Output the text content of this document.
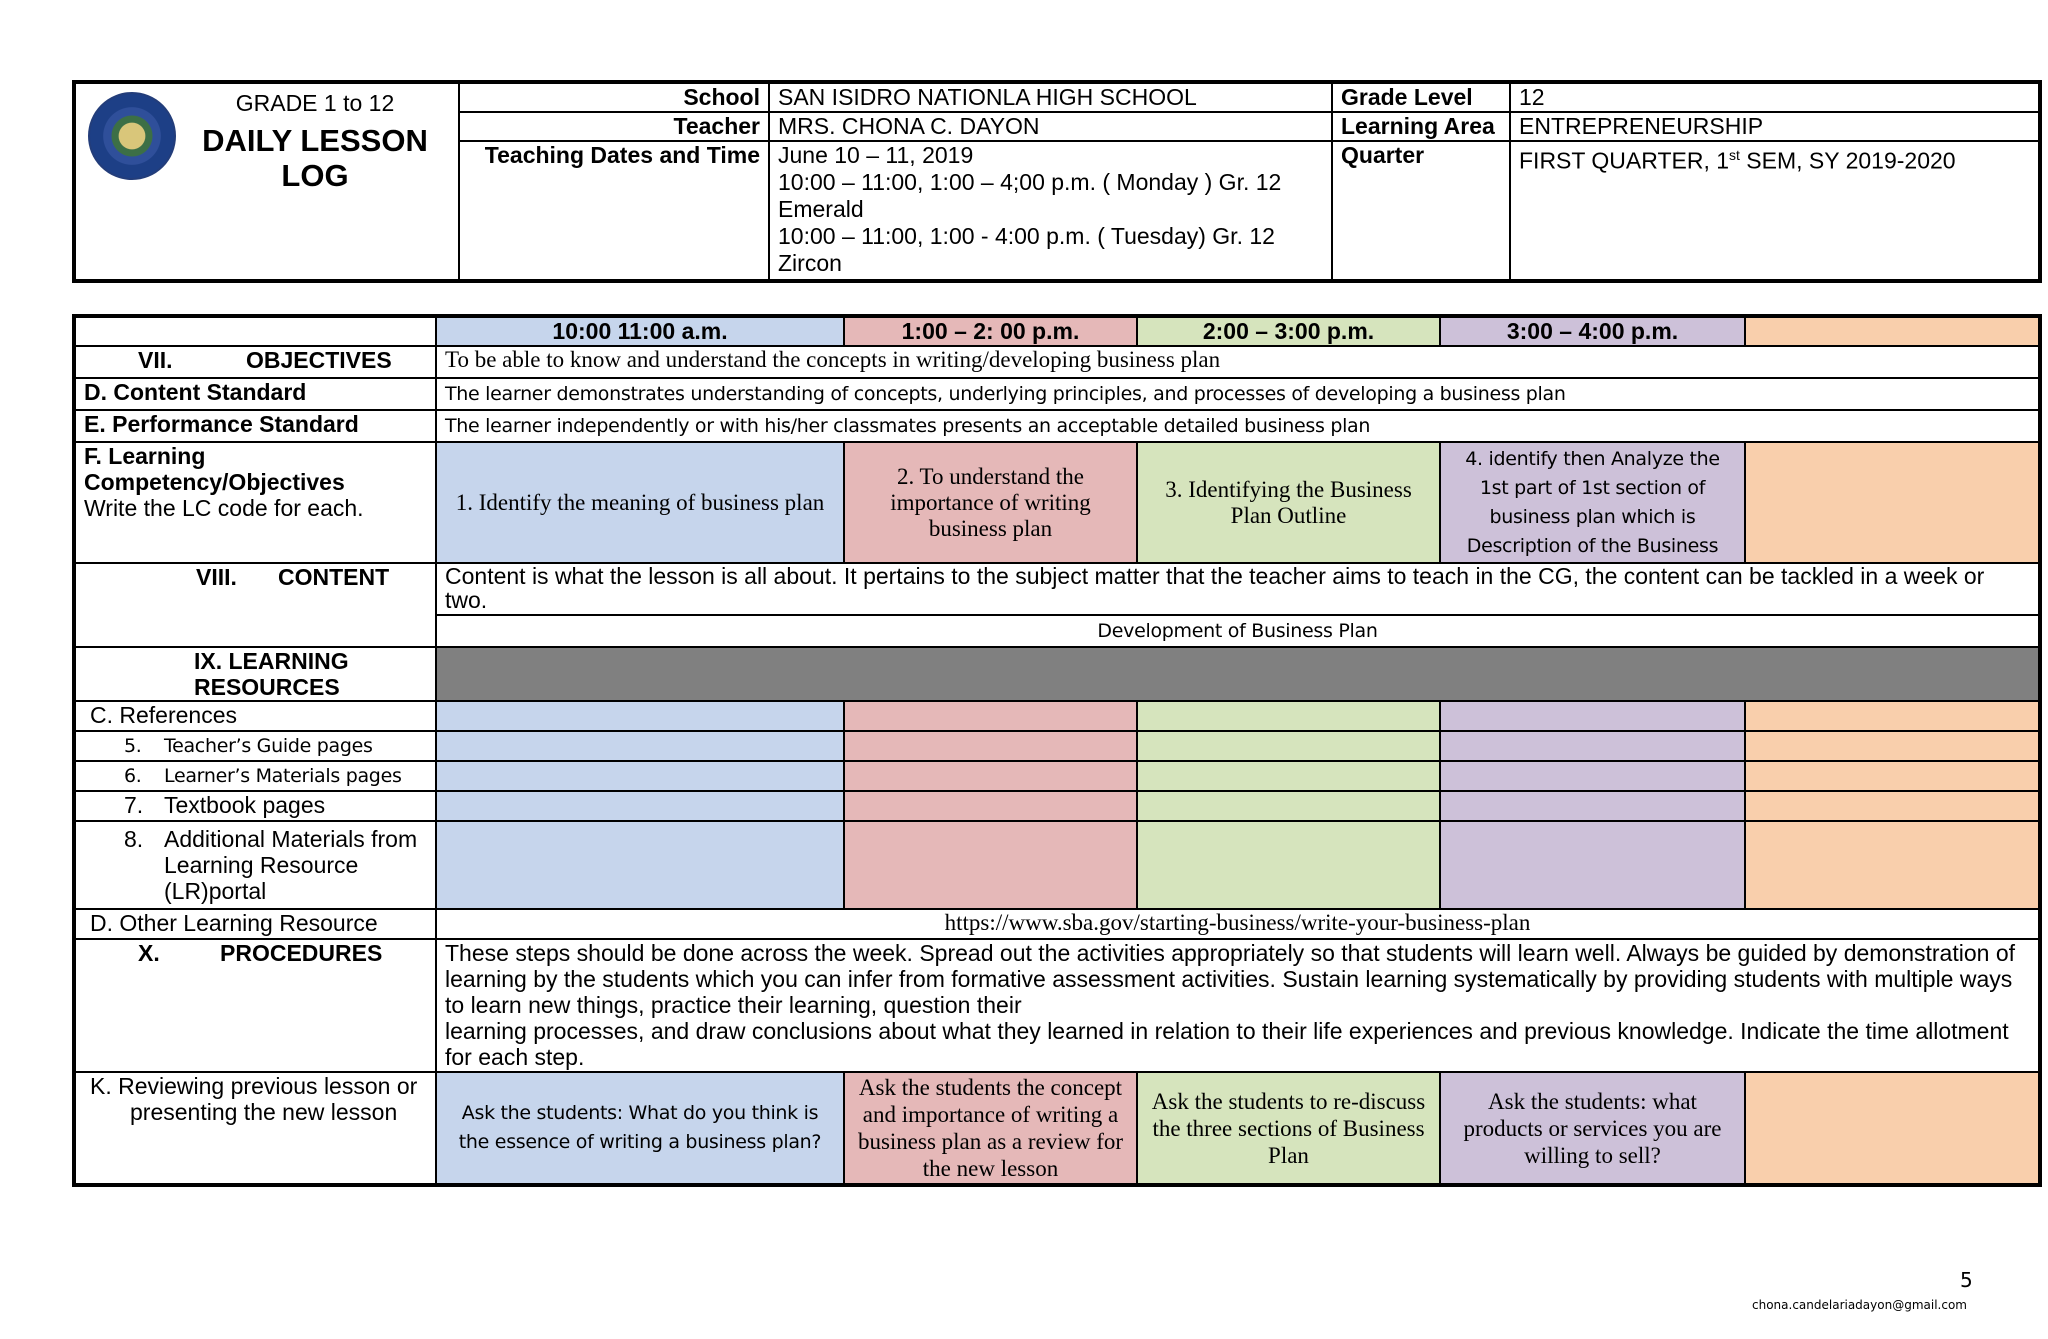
GRADE 1 to 12
DAILY LESSON LOG	School	SAN ISIDRO NATIONLA HIGH SCHOOL	Grade Level	12
	Teacher	MRS. CHONA C. DAYON	Learning Area	ENTREPRENEURSHIP
	Teaching Dates and Time	June 10 – 11, 2019
10:00 – 11:00, 1:00 – 4;00 p.m. ( Monday ) Gr. 12 Emerald
10:00 – 11:00, 1:00 - 4:00 p.m. ( Tuesday) Gr. 12 Zircon	Quarter	FIRST QUARTER, 1st SEM, SY 2019-2020
	10:00 11:00 a.m.	1:00 – 2: 00 p.m.	2:00 – 3:00 p.m.	3:00 – 4:00 p.m.	
VII. OBJECTIVES	To be able to know and understand the concepts in writing/developing business plan				
D. Content Standard	The learner demonstrates understanding of concepts, underlying principles, and processes of developing a business plan				
E. Performance Standard	The learner independently or with his/her classmates presents an acceptable detailed business plan				

F. Learning Competency/Objectives
Write the LC code for each.	1. Identify the meaning of business plan	2. To understand the importance of writing business plan	3. Identifying the Business Plan Outline	4. identify then Analyze the 1st part of 1st section of business plan which is Description of the Business	
VIII. CONTENT	Content is what the lesson is all about. It pertains to the subject matter that the teacher aims to teach in the CG, the content can be tackled in a week or two.				
	Development of Business Plan				
IX. LEARNING RESOURCES					
C. References					
5. Teacher’s Guide pages					
6. Learner’s Materials pages					
7. Textbook pages					

8. Additional Materials from Learning Resource (LR)portal					

D. Other Learning Resource	https://www.sba.gov/starting-business/write-your-business-plan				
X. PROCEDURES	These steps should be done across the week. Spread out the activities appropriately so that students will learn well. Always be guided by demonstration of learning by the students which you can infer from formative assessment activities. Sustain learning systematically by providing students with multiple ways to learn new things, practice their learning, question their
learning processes, and draw conclusions about what they learned in relation to their life experiences and previous knowledge. Indicate the time allotment for each step.				

K. Reviewing previous lesson or
presenting the new lesson	Ask the students: What do you think is the essence of writing a business plan?	Ask the students the concept and importance of writing a business plan as a review for the new lesson	Ask the students to re-discuss the three sections of Business Plan	Ask the students: what products or services you are willing to sell?	
5
chona.candelariadayon@gmail.com
